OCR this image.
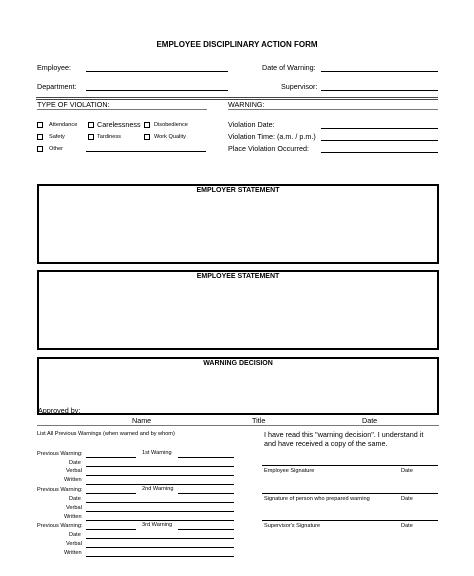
EMPLOYEE DISCIPLINARY ACTION FORM
Employee:	Date of Warning:
Department:	Supervisor:
TYPE OF VIOLATION:
Attendance	Carelessness Disobedience
Safety	Tardiness	Work Quality
Other
WARNING:
Violation Date:
Violation Time: (a.m. / p.m.)
Place Violation Occurred:
EMPLOYER STATEMENT
EMPLOYEE STATEMENT
WARNING DECISION
Approved by:
Name	Title	Date
List All Previous Warnings (when warned and by whom)
Previous Warning:	1st Warning
Date
Verbal
Written
Previous Warning:	2nd Warning
Date
Verbal
Written
Previous Warning:	3rd Warning
Date
Verbal
Written
I have read this "warning decision". I understand it
and have received a copy of the same.
Employee Signature	Date
Signature of person who prepared warning	Date
Supervisor's Signature	Date
